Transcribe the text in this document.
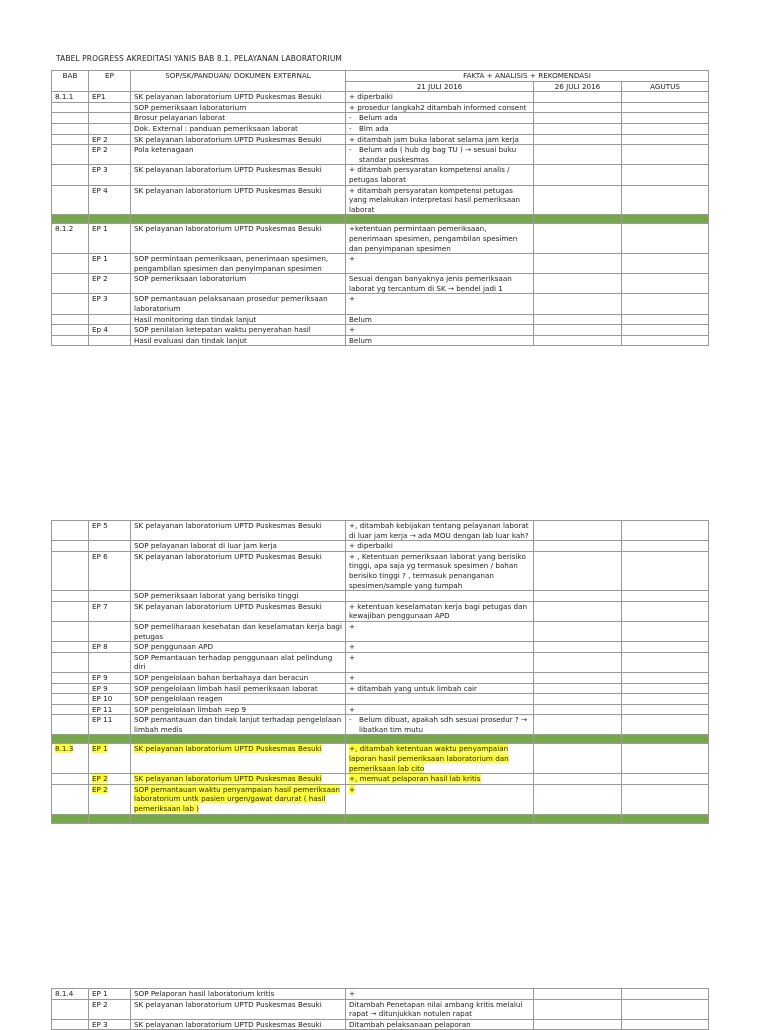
TABEL PROGRESS AKREDITASI YANIS BAB 8.1. PELAYANAN LABORATORIUM
BAB	EP	SOP/SK/PANDUAN/ DOKUMEN EXTERNAL	FAKTA + ANALISIS + REKOMENDASI		
			21 JULI 2016	26 JULI 2016	AGUTUS
8.1.1	EP1	SK pelayanan laboratorium UPTD Puskesmas Besuki	+ diperbaiki		
		SOP pemeriksaan laboratorium	+ prosedur langkah2 ditambah informed consent		
		Brosur pelayanan laborat	- Belum ada

		Dok. External : panduan pemeriksaan laborat	- Blm ada

	EP 2	SK pelayanan laboratorium UPTD Puskesmas Besuki	+ ditambah jam buka laborat selama jam kerja		
	EP 2	Pola ketenagaan	- Belum ada ( hub dg bag TU ) → sesuai buku standar puskesmas

	EP 3	SK pelayanan laboratorium UPTD Puskesmas Besuki	+ ditambah persyaratan kompetensi analis / petugas laborat		
	EP 4	SK pelayanan laboratorium UPTD Puskesmas Besuki	+ ditambah persyaratan kompetensi petugas yang melakukan interpretasi hasil pemeriksaan laborat		

8.1.2	EP 1	SK pelayanan laboratorium UPTD Puskesmas Besuki	+ketentuan permintaan pemeriksaan, penerimaan spesimen, pengambilan spesimen dan penyimpanan spesimen		
	EP 1	SOP permintaan pemeriksaan, penerimaan spesimen, pengambilan spesimen dan penyimpanan spesimen	+		
	EP 2	SOP pemeriksaan laboratorium	Sesuai dengan banyaknya jenis pemeriksaan laborat yg tercantum di SK → bendel jadi 1		
	EP 3	SOP pemantauan pelaksanaan prosedur pemeriksaan laboratorium	+		
		Hasil monitoring dan tindak lanjut	Belum		
	Ep 4	SOP penilaian ketepatan waktu penyerahan hasil	+		
		Hasil evaluasi dan tindak lanjut	Belum		
	EP 5	SK pelayanan laboratorium UPTD Puskesmas Besuki	+, ditambah kebijakan tentang pelayanan laborat di luar jam kerja → ada MOU dengan lab luar kah?		
		SOP pelayanan laborat di luar jam kerja	+ diperbaiki		
	EP 6	SK pelayanan laboratorium UPTD Puskesmas Besuki	+ , Ketentuan pemeriksaan laborat yang berisiko tinggi, apa saja yg termasuk spesimen / bahan berisiko tinggi ? , termasuk penanganan spesimen/sample yang tumpah		
		SOP pemeriksaan laborat yang berisiko tinggi			
	EP 7	SK pelayanan laboratorium UPTD Puskesmas Besuki	+ ketentuan keselamatan kerja bagi petugas dan kewajiban penggunaan APD		
		SOP pemeliharaan kesehatan dan keselamatan kerja bagi petugas	+		
	EP 8	SOP penggunaan APD	+		
		SOP Pemantauan terhadap penggunaan alat pelindung diri	+		
	EP 9	SOP pengelolaan bahan berbahaya dan beracun	+		
	EP 9	SOP pengelolaan limbah hasil pemeriksaan laborat	+ ditambah yang untuk limbah cair		
	EP 10	SOP pengelolaan reagen			
	EP 11	SOP pengelolaan limbah =ep 9	+		
	EP 11	SOP pemantauan dan tindak lanjut terhadap pengelolaan limbah medis	- Belum dibuat, apakah sdh sesuai prosedur ? → libatkan tim mutu

8.1.3	EP 1	SK pelayanan laboratorium UPTD Puskesmas Besuki	+, ditambah ketentuan waktu penyampaian laporan hasil pemeriksaan laboratorium dan pemeriksaan lab cito		
	EP 2	SK pelayanan laboratorium UPTD Puskesmas Besuki	+, memuat pelaporan hasil lab kritis		
	EP 2	SOP pemantauan waktu penyampaian hasil pemeriksaan laboratorium untk pasien urgen/gawat darurat ( hasil pemeriksaan lab )	+		

8.1.4	EP 1	SOP Pelaporan hasil laboratorium kritis	+		
	EP 2	SK pelayanan laboratorium UPTD Puskesmas Besuki	Ditambah Penetapan nilai ambang kritis melalui rapat → ditunjukkan notulen rapat		
	EP 3	SK pelayanan laboratorium UPTD Puskesmas Besuki	Ditambah pelaksanaan pelaporan		
